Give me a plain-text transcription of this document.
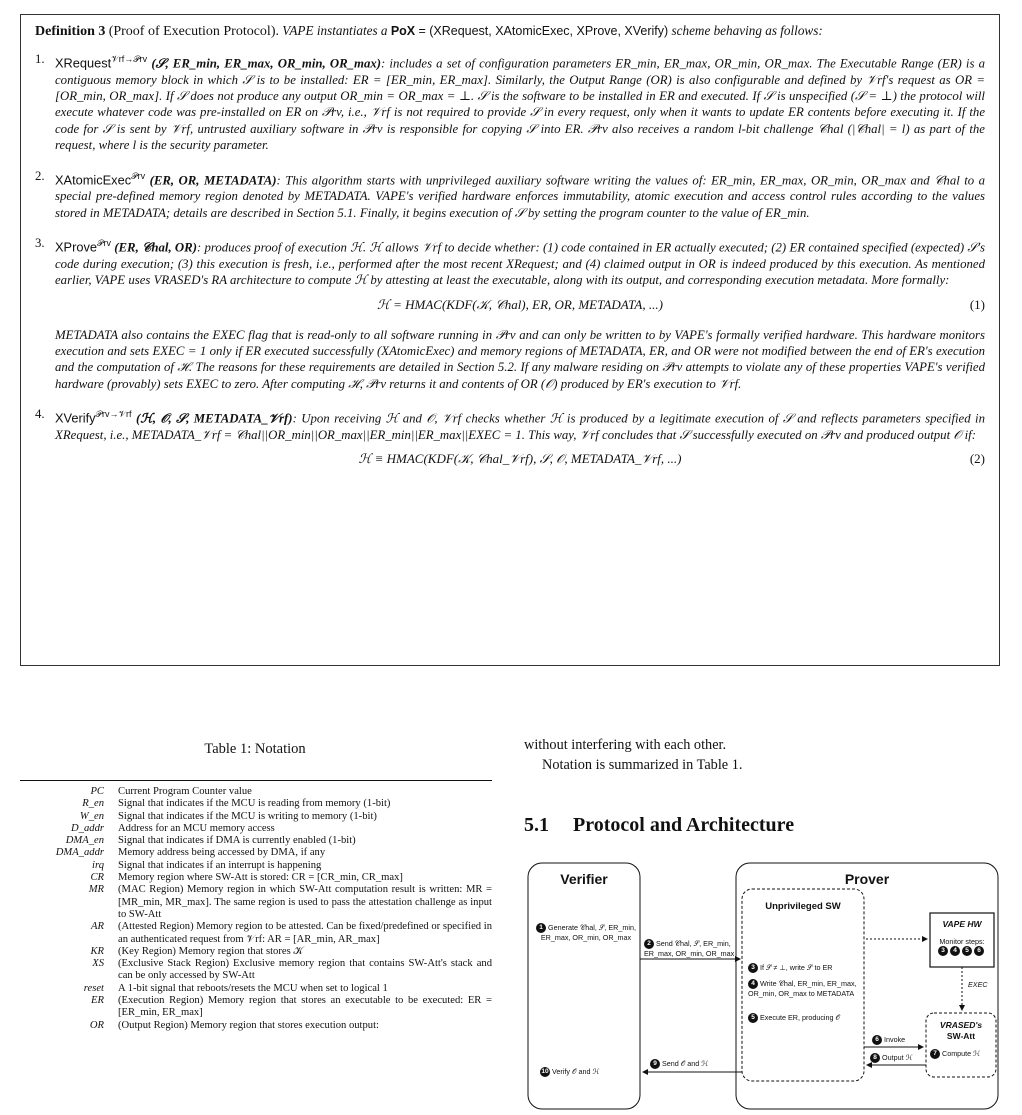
Definition 3 (Proof of Execution Protocol). VAPE instantiates a PoX = (XRequest, XAtomicExec, XProve, XVerify) scheme behaving as follows:
1. XRequest$^{𝒱rf\to 𝒫rv}$ (𝒮, ER_min, ER_max, OR_min, OR_max): includes a set of configuration parameters ER_min, ER_max, OR_min, OR_max. The Executable Range (ER) is a contiguous memory block in which 𝒮 is to be installed: ER = [ER_min, ER_max]. Similarly, the Output Range (OR) is also configurable and defined by 𝒱rf's request as OR = [OR_min, OR_max]. If 𝒮 does not produce any output OR_min = OR_max = ⊥. 𝒮 is the software to be installed in ER and executed. If 𝒮 is unspecified (𝒮 = ⊥) the protocol will execute whatever code was pre-installed on ER on 𝒫rv, i.e., 𝒱rf is not required to provide 𝒮 in every request, only when it wants to update ER contents before executing it. If the code for 𝒮 is sent by 𝒱rf, untrusted auxiliary software in 𝒫rv is responsible for copying 𝒮 into ER. 𝒫rv also receives a random l-bit challenge 𝒞hal (|𝒞hal| = l) as part of the request, where l is the security parameter.
2. XAtomicExec$^{𝒫rv}$ (ER, OR, METADATA): This algorithm starts with unprivileged auxiliary software writing the values of: ER_min, ER_max, OR_min, OR_max and 𝒞hal to a special pre-defined memory region denoted by METADATA. VAPE's verified hardware enforces immutability, atomic execution and access control rules according to the values stored in METADATA; details are described in Section 5.1. Finally, it begins execution of 𝒮 by setting the program counter to the value of ER_min.
3. XProve$^{𝒫rv}$ (ER, 𝒞hal, OR): produces proof of execution ℋ. ℋ allows 𝒱rf to decide whether: (1) code contained in ER actually executed; (2) ER contained specified (expected) 𝒮's code during execution; (3) this execution is fresh, i.e., performed after the most recent XRequest; and (4) claimed output in OR is indeed produced by this execution. As mentioned earlier, VAPE uses VRASED's RA architecture to compute ℋ by attesting at least the executable, along with its output, and corresponding execution metadata. More formally:
ℋ = HMAC(KDF(𝒦, 𝒞hal), ER, OR, METADATA, ...)	(1)
METADATA also contains the EXEC flag that is read-only to all software running in 𝒫rv and can only be written to by VAPE's formally verified hardware. This hardware monitors execution and sets EXEC = 1 only if ER executed successfully (XAtomicExec) and memory regions of METADATA, ER, and OR were not modified between the end of ER's execution and the computation of ℋ. The reasons for these requirements are detailed in Section 5.2. If any malware residing on 𝒫rv attempts to violate any of these properties VAPE's verified hardware (provably) sets EXEC to zero. After computing ℋ, 𝒫rv returns it and contents of OR (𝒪) produced by ER's execution to 𝒱rf.
4. XVerify$^{𝒫rv\to 𝒱rf}$ (ℋ, 𝒪, 𝒮, METADATA_𝒱rf): Upon receiving ℋ and 𝒪, 𝒱rf checks whether ℋ is produced by a legitimate execution of 𝒮 and reflects parameters specified in XRequest, i.e., METADATA_𝒱rf = 𝒞hal||OR_min||OR_max||ER_min||ER_max||EXEC = 1. This way, 𝒱rf concludes that 𝒮 successfully executed on 𝒫rv and produced output 𝒪 if:
ℋ ≡ HMAC(KDF(𝒦, 𝒞hal_𝒱rf), 𝒮, 𝒪, METADATA_𝒱rf, ...)	(2)
Table 1: Notation
PC	Current Program Counter value
R_en	Signal that indicates if the MCU is reading from memory (1-bit)
W_en	Signal that indicates if the MCU is writing to memory (1-bit)
D_addr	Address for an MCU memory access
DMA_en	Signal that indicates if DMA is currently enabled (1-bit)
DMA_addr	Memory address being accessed by DMA, if any
irq	Signal that indicates if an interrupt is happening
CR	Memory region where SW-Att is stored: CR = [CR_min, CR_max]
MR	(MAC Region) Memory region in which SW-Att computation result is written: MR = [MR_min, MR_max]. The same region is used to pass the attestation challenge as input to SW-Att
AR	(Attested Region) Memory region to be attested. Can be fixed/predefined or specified in an authenticated request from 𝒱rf: AR = [AR_min, AR_max]
KR	(Key Region) Memory region that stores 𝒦
XS	(Exclusive Stack Region) Exclusive memory region that contains SW-Att's stack and can be only accessed by SW-Att
reset	A 1-bit signal that reboots/resets the MCU when set to logical 1
ER	(Execution Region) Memory region that stores an executable to be executed: ER = [ER_min, ER_max]
OR	(Output Region) Memory region that stores execution output:
without interfering with each other.
Notation is summarized in Table 1.
5.1 Protocol and Architecture
Verifier	Prover
Unprivileged SW
VAPE HW
Monitor steps:
3 4 5 6
EXEC
VRASED's
SW-Att
7 Compute ℋ
1 Generate 𝒞hal, 𝒮, ER_min, ER_max, OR_min, OR_max
2 Send 𝒞hal, 𝒮, ER_min, ER_max, OR_min, OR_max
3 If 𝒮 ≠ ⊥, write 𝒮 to ER
4 Write 𝒞hal, ER_min, ER_max, OR_min, OR_max to METADATA
5 Execute ER, producing 𝒪
6 Invoke
8 Output ℋ
9 Send 𝒪 and ℋ
10 Verify 𝒪 and ℋ
